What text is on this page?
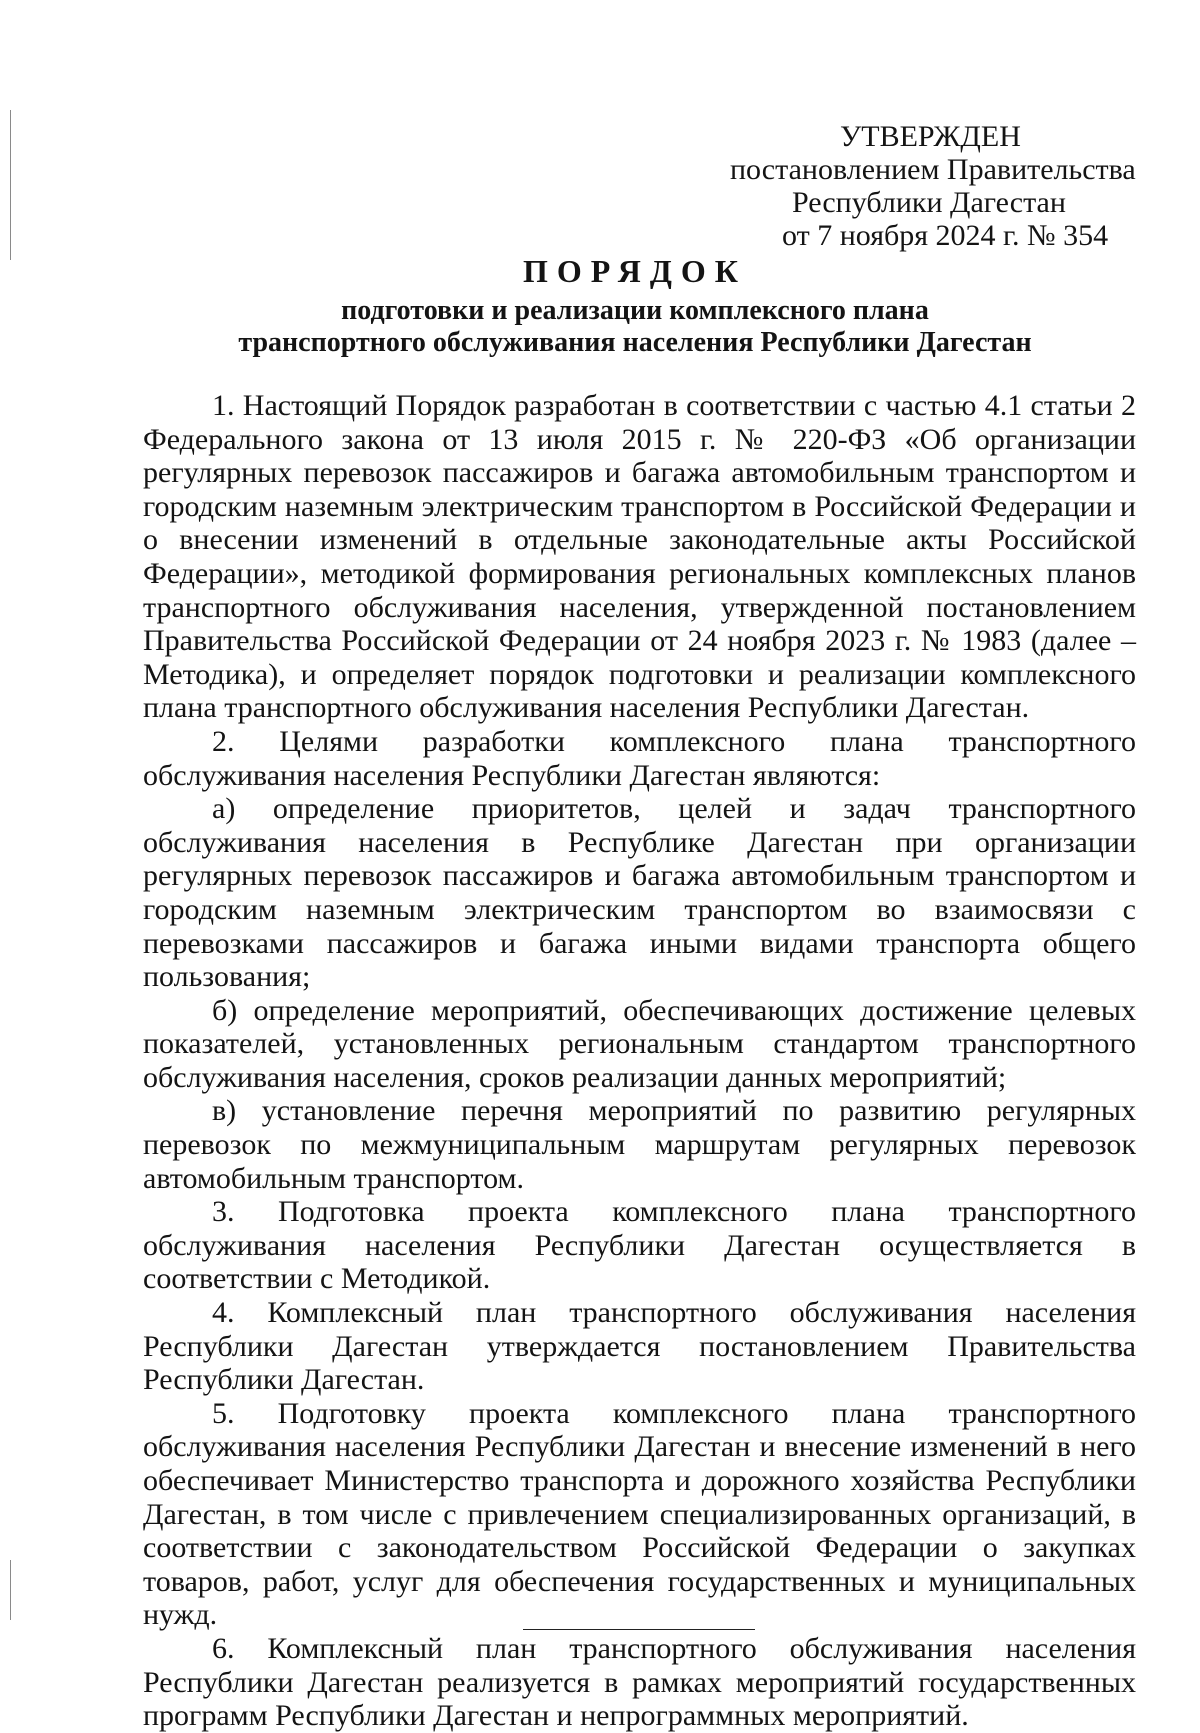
УТВЕРЖДЕН
постановлением Правительства
Республики Дагестан
от 7 ноября 2024 г. № 354
ПОРЯДОК
подготовки и реализации комплексного плана
транспортного обслуживания населения Республики Дагестан

1. Настоящий Порядок разработан в соответствии с частью 4.1 статьи 2 Федерального закона от 13 июля 2015 г. № 220-ФЗ «Об организации регулярных перевозок пассажиров и багажа автомобильным транспортом и городским наземным электрическим транспортом в Российской Федерации и о внесении изменений в отдельные законодательные акты Российской Федерации», методикой формирования региональных комплексных планов транспортного обслуживания населения, утвержденной постановлением Правительства Российской Федерации от 24 ноября 2023 г. № 1983 (далее – Методика), и определяет порядок подготовки и реализации комплексного плана транспортного обслуживания населения Республики Дагестан.

2. Целями разработки комплексного плана транспортного обслуживания населения Республики Дагестан являются:

а) определение приоритетов, целей и задач транспортного обслуживания населения в Республике Дагестан при организации регулярных перевозок пассажиров и багажа автомобильным транспортом и городским наземным электрическим транспортом во взаимосвязи с перевозками пассажиров и багажа иными видами транспорта общего пользования;

б) определение мероприятий, обеспечивающих достижение целевых показателей, установленных региональным стандартом транспортного обслуживания населения, сроков реализации данных мероприятий;

в) установление перечня мероприятий по развитию регулярных перевозок по межмуниципальным маршрутам регулярных перевозок автомобильным транспортом.

3. Подготовка проекта комплексного плана транспортного обслуживания населения Республики Дагестан осуществляется в соответствии с Методикой.

4. Комплексный план транспортного обслуживания населения Республики Дагестан утверждается постановлением Правительства Республики Дагестан.

5. Подготовку проекта комплексного плана транспортного обслуживания населения Республики Дагестан и внесение изменений в него обеспечивает Министерство транспорта и дорожного хозяйства Республики Дагестан, в том числе с привлечением специализированных организаций, в соответствии с законодательством Российской Федерации о закупках товаров, работ, услуг для обеспечения государственных и муниципальных нужд.

6. Комплексный план транспортного обслуживания населения Республики Дагестан реализуется в рамках мероприятий государственных программ Республики Дагестан и непрограммных мероприятий.
